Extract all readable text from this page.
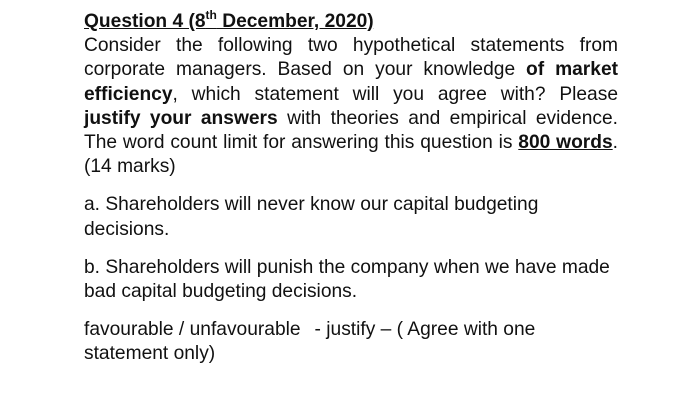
Question 4 (8th December, 2020)

Consider the following two hypothetical statements from corporate managers. Based on your knowledge of market efficiency, which statement will you agree with? Please justify your answers with theories and empirical evidence. The word count limit for answering this question is 800 words. (14 marks)

a. Shareholders will never know our capital budgeting decisions.

b. Shareholders will punish the company when we have made bad capital budgeting decisions.

favourable / unfavourable - justify – ( Agree with one statement only)
